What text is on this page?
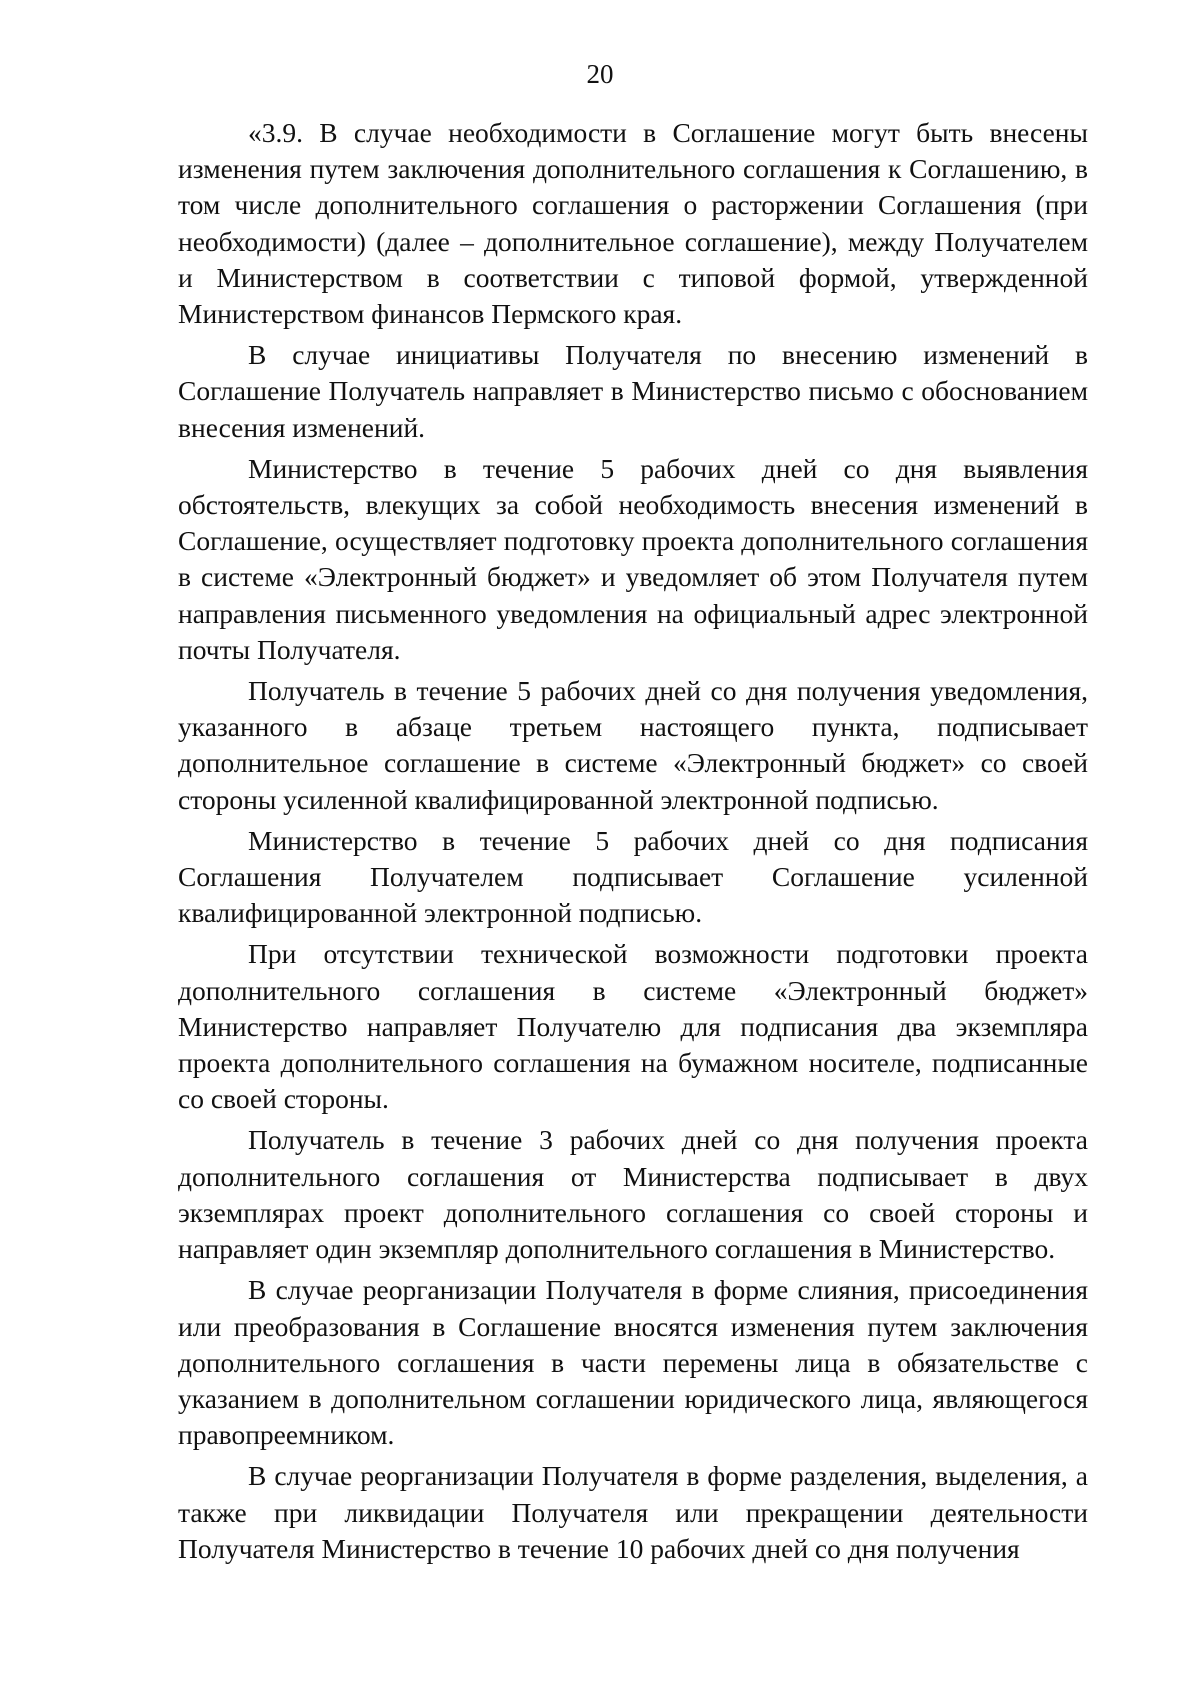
20

«3.9. В случае необходимости в Соглашение могут быть внесены изменения путем заключения дополнительного соглашения к Соглашению, в том числе дополнительного соглашения о расторжении Соглашения (при необходимости) (далее – дополнительное соглашение), между Получателем и Министерством в соответствии с типовой формой, утвержденной Министерством финансов Пермского края.

В случае инициативы Получателя по внесению изменений в Соглашение Получатель направляет в Министерство письмо с обоснованием внесения изменений.

Министерство в течение 5 рабочих дней со дня выявления обстоятельств, влекущих за собой необходимость внесения изменений в Соглашение, осуществляет подготовку проекта дополнительного соглашения в системе «Электронный бюджет» и уведомляет об этом Получателя путем направления письменного уведомления на официальный адрес электронной почты Получателя.

Получатель в течение 5 рабочих дней со дня получения уведомления, указанного в абзаце третьем настоящего пункта, подписывает дополнительное соглашение в системе «Электронный бюджет» со своей стороны усиленной квалифицированной электронной подписью.

Министерство в течение 5 рабочих дней со дня подписания Соглашения Получателем подписывает Соглашение усиленной квалифицированной электронной подписью.

При отсутствии технической возможности подготовки проекта дополнительного соглашения в системе «Электронный бюджет» Министерство направляет Получателю для подписания два экземпляра проекта дополнительного соглашения на бумажном носителе, подписанные со своей стороны.

Получатель в течение 3 рабочих дней со дня получения проекта дополнительного соглашения от Министерства подписывает в двух экземплярах проект дополнительного соглашения со своей стороны и направляет один экземпляр дополнительного соглашения в Министерство.

В случае реорганизации Получателя в форме слияния, присоединения или преобразования в Соглашение вносятся изменения путем заключения дополнительного соглашения в части перемены лица в обязательстве с указанием в дополнительном соглашении юридического лица, являющегося правопреемником.

В случае реорганизации Получателя в форме разделения, выделения, а также при ликвидации Получателя или прекращении деятельности Получателя Министерство в течение 10 рабочих дней со дня получения
